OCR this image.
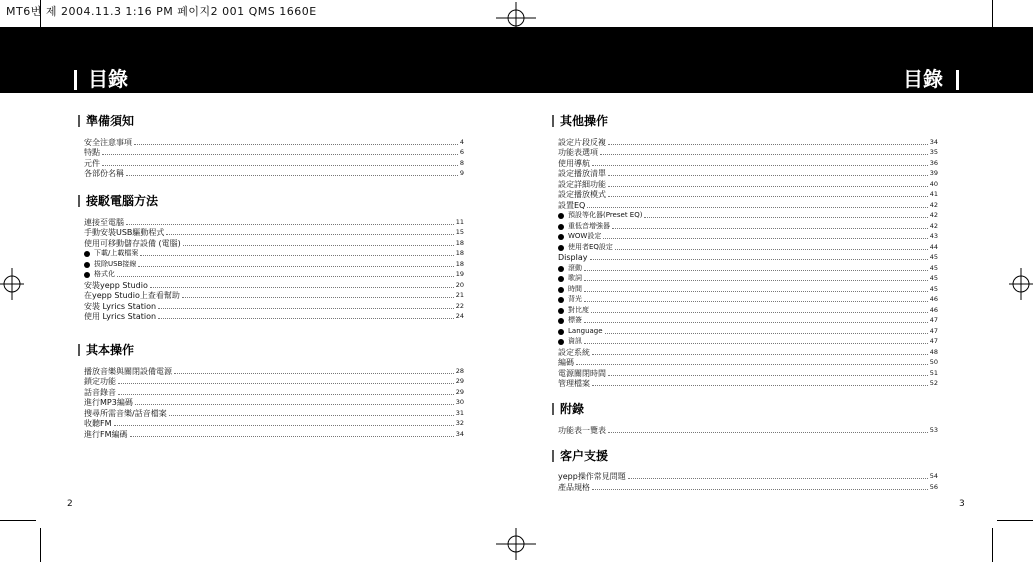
MT6번 제 2004.11.3 1:16 PM 페이지2 001 QMS 1660E
目錄	目錄
準備須知
安全注意事項	4
特點	6
元件	8
各部份名稱	9
接駁電腦方法
連接至電腦	11
手動安裝USB驅動程式	15
使用可移動儲存設備 (電腦)	18
下載/上載檔案	18
拔除USB接線	18
格式化	19
安裝yepp Studio	20
在yepp Studio上查看幫助	21
安裝 Lyrics Station	22
使用 Lyrics Station	24
其本操作
播放音樂與關閉設備電源	28
鎖定功能	29
話音錄音	29
進行MP3編碼	30
搜尋所需音樂/話音檔案	31
收聽FM	32
進行FM編碼	34
其他操作
設定片段反複	34
功能表選項	35
使用導航	36
設定播放清單	39
設定詳細功能	40
設定播放模式	41
設置EQ	42
預設等化器(Preset EQ)	42
重低音增強器	42
WOW設定	43
使用者EQ設定	44
Display	45
滾動	45
歌詞	45
時間	45
背光	46
對比度	46
標簽	47
Language	47
資訊	47
設定系統	48
編碼	50
電源關閉時間	51
管理檔案	52
附錄
功能表一覽表	53
客户支援
yepp操作常見問題	54
產品規格	56
2	3
